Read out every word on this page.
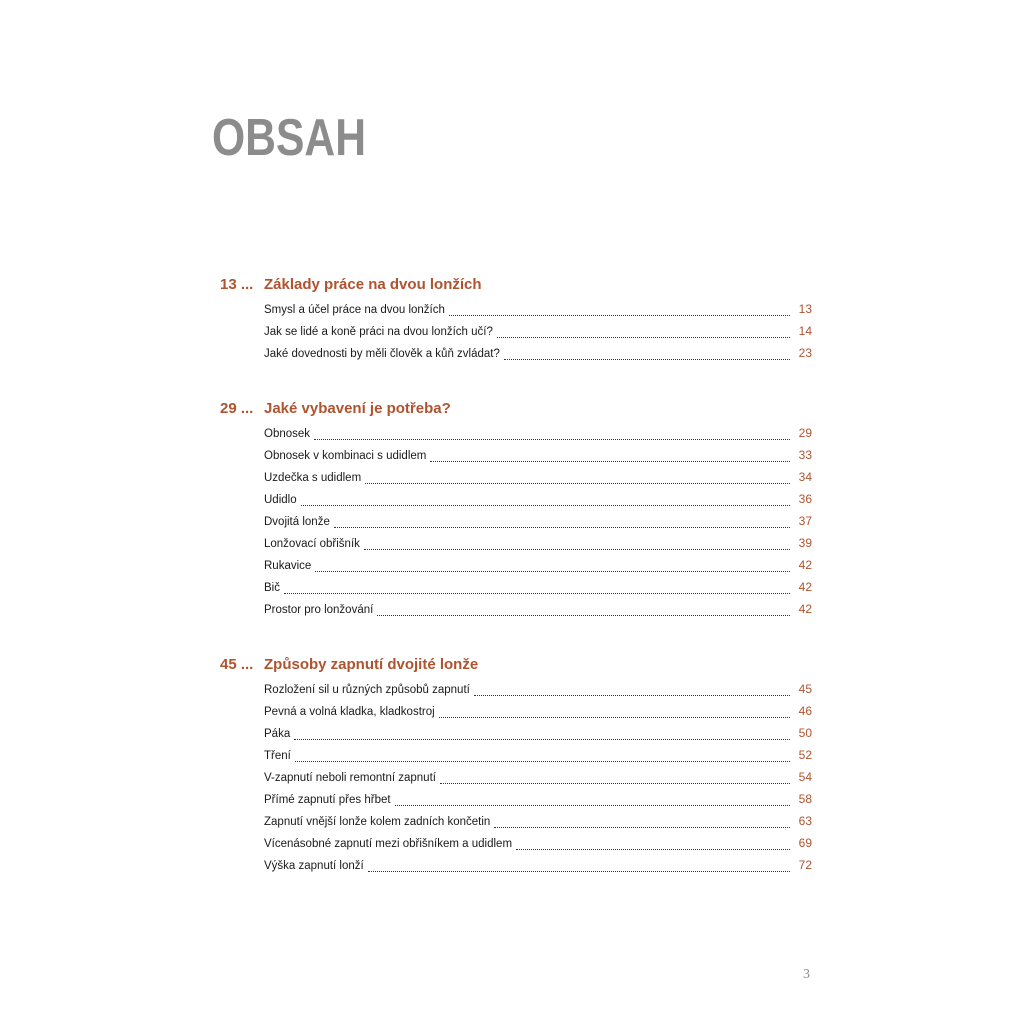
OBSAH
13 ... Základy práce na dvou lonžích
Smysl a účel práce na dvou lonžích	13
Jak se lidé a koně práci na dvou lonžích učí?	14
Jaké dovednosti by měli člověk a kůň zvládat?	23
29 ... Jaké vybavení je potřeba?
Obnosek	29
Obnosek v kombinaci s udidlem	33
Uzdečka s udidlem	34
Udidlo	36
Dvojitá lonže	37
Lonžovací obřišník	39
Rukavice	42
Bič	42
Prostor pro lonžování	42
45 ... Způsoby zapnutí dvojité lonže
Rozložení sil u různých způsobů zapnutí	45
Pevná a volná kladka, kladkostroj	46
Páka	50
Tření	52
V-zapnutí neboli remontní zapnutí	54
Přímé zapnutí přes hřbet	58
Zapnutí vnější lonže kolem zadních končetin	63
Vícenásobné zapnutí mezi obřišníkem a udidlem	69
Výška zapnutí lonží	72
3
